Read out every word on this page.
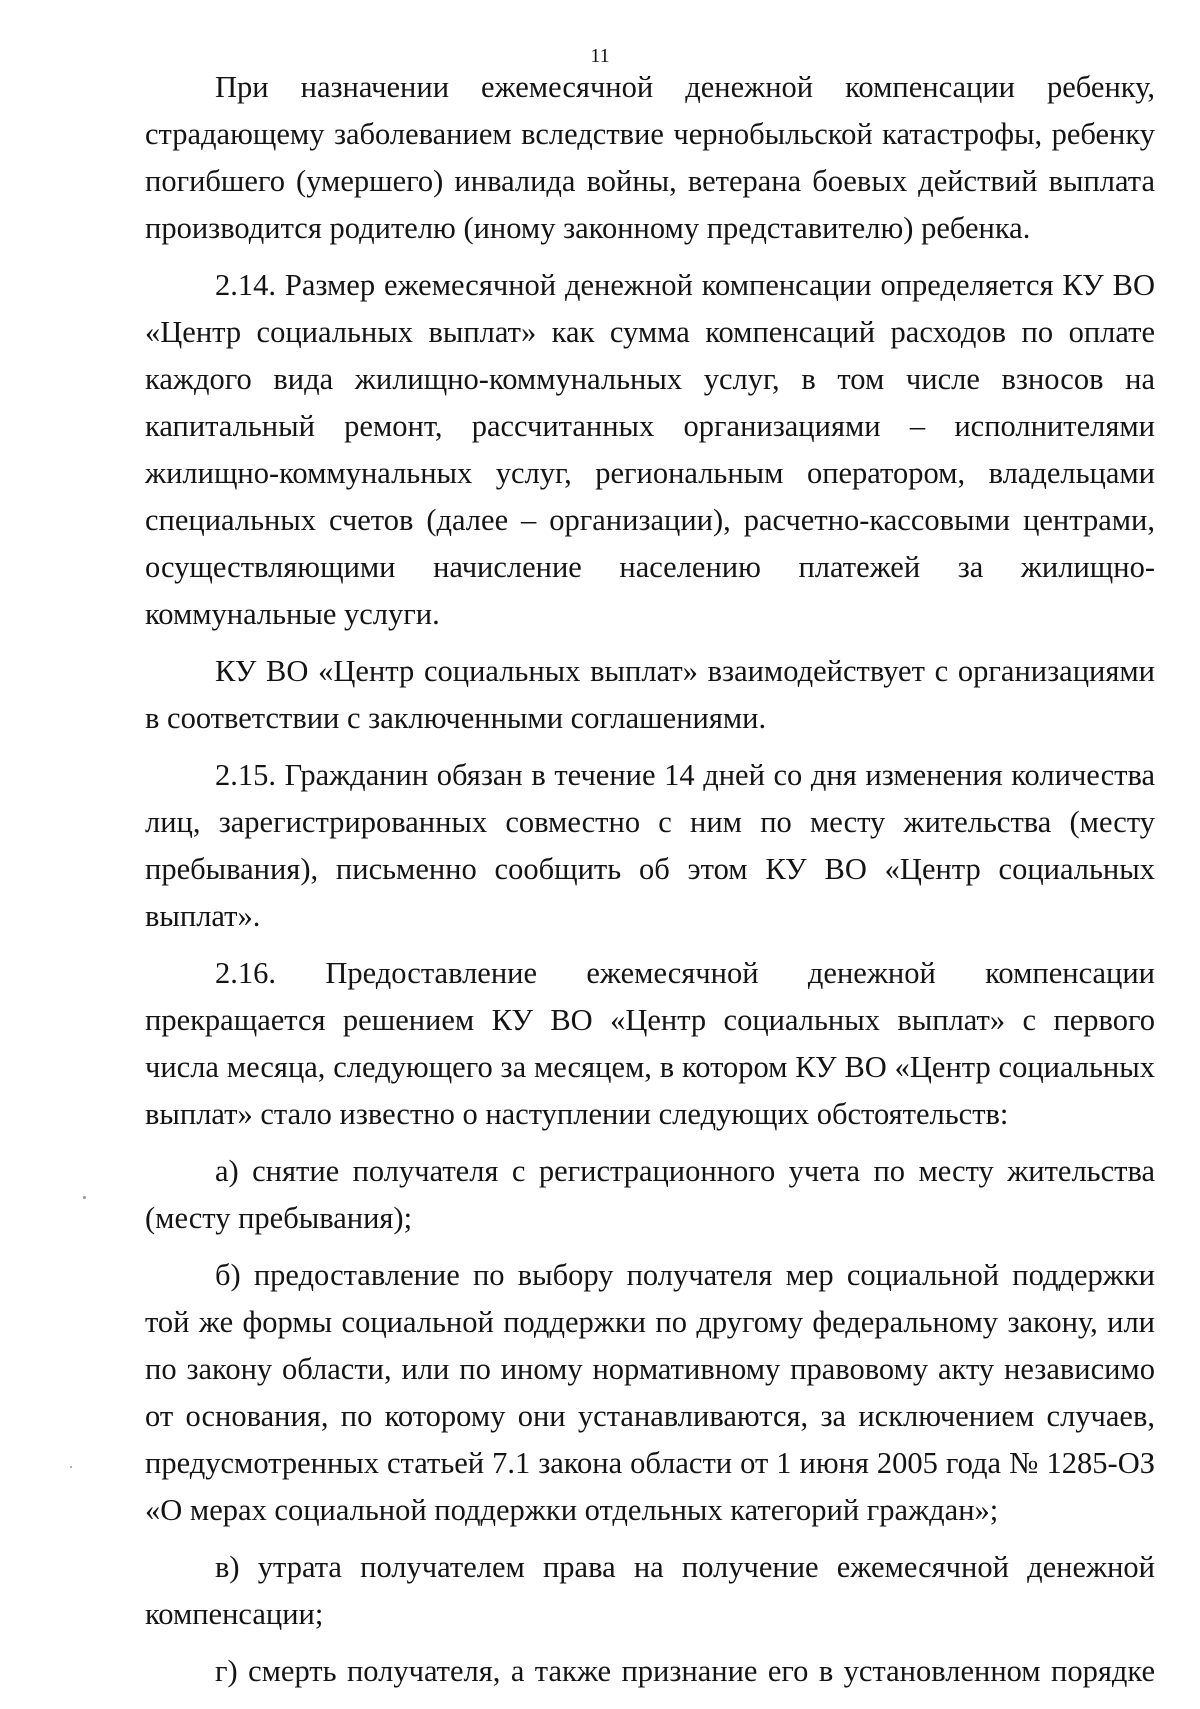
11

При назначении ежемесячной денежной компенсации ребенку, страдающему заболеванием вследствие чернобыльской катастрофы, ребенку погибшего (умершего) инвалида войны, ветерана боевых действий выплата производится родителю (иному законному представителю) ребенка.

2.14. Размер ежемесячной денежной компенсации определяется КУ ВО «Центр социальных выплат» как сумма компенсаций расходов по оплате каждого вида жилищно-коммунальных услуг, в том числе взносов на капитальный ремонт, рассчитанных организациями – исполнителями жилищно-коммунальных услуг, региональным оператором, владельцами специальных счетов (далее – организации), расчетно-кассовыми центрами, осуществляющими начисление населению платежей за жилищно-коммунальные услуги.

КУ ВО «Центр социальных выплат» взаимодействует с организациями в соответствии с заключенными соглашениями.

2.15. Гражданин обязан в течение 14 дней со дня изменения количества лиц, зарегистрированных совместно с ним по месту жительства (месту пребывания), письменно сообщить об этом КУ ВО «Центр социальных выплат».

2.16. Предоставление ежемесячной денежной компенсации прекращается решением КУ ВО «Центр социальных выплат» с первого числа месяца, следующего за месяцем, в котором КУ ВО «Центр социальных выплат» стало известно о наступлении следующих обстоятельств:

а) снятие получателя с регистрационного учета по месту жительства (месту пребывания);

б) предоставление по выбору получателя мер социальной поддержки той же формы социальной поддержки по другому федеральному закону, или по закону области, или по иному нормативному правовому акту независимо от основания, по которому они устанавливаются, за исключением случаев, предусмотренных статьей 7.1 закона области от 1 июня 2005 года № 1285-ОЗ «О мерах социальной поддержки отдельных категорий граждан»;

в) утрата получателем права на получение ежемесячной денежной компенсации;

г) смерть получателя, а также признание его в установленном порядке
